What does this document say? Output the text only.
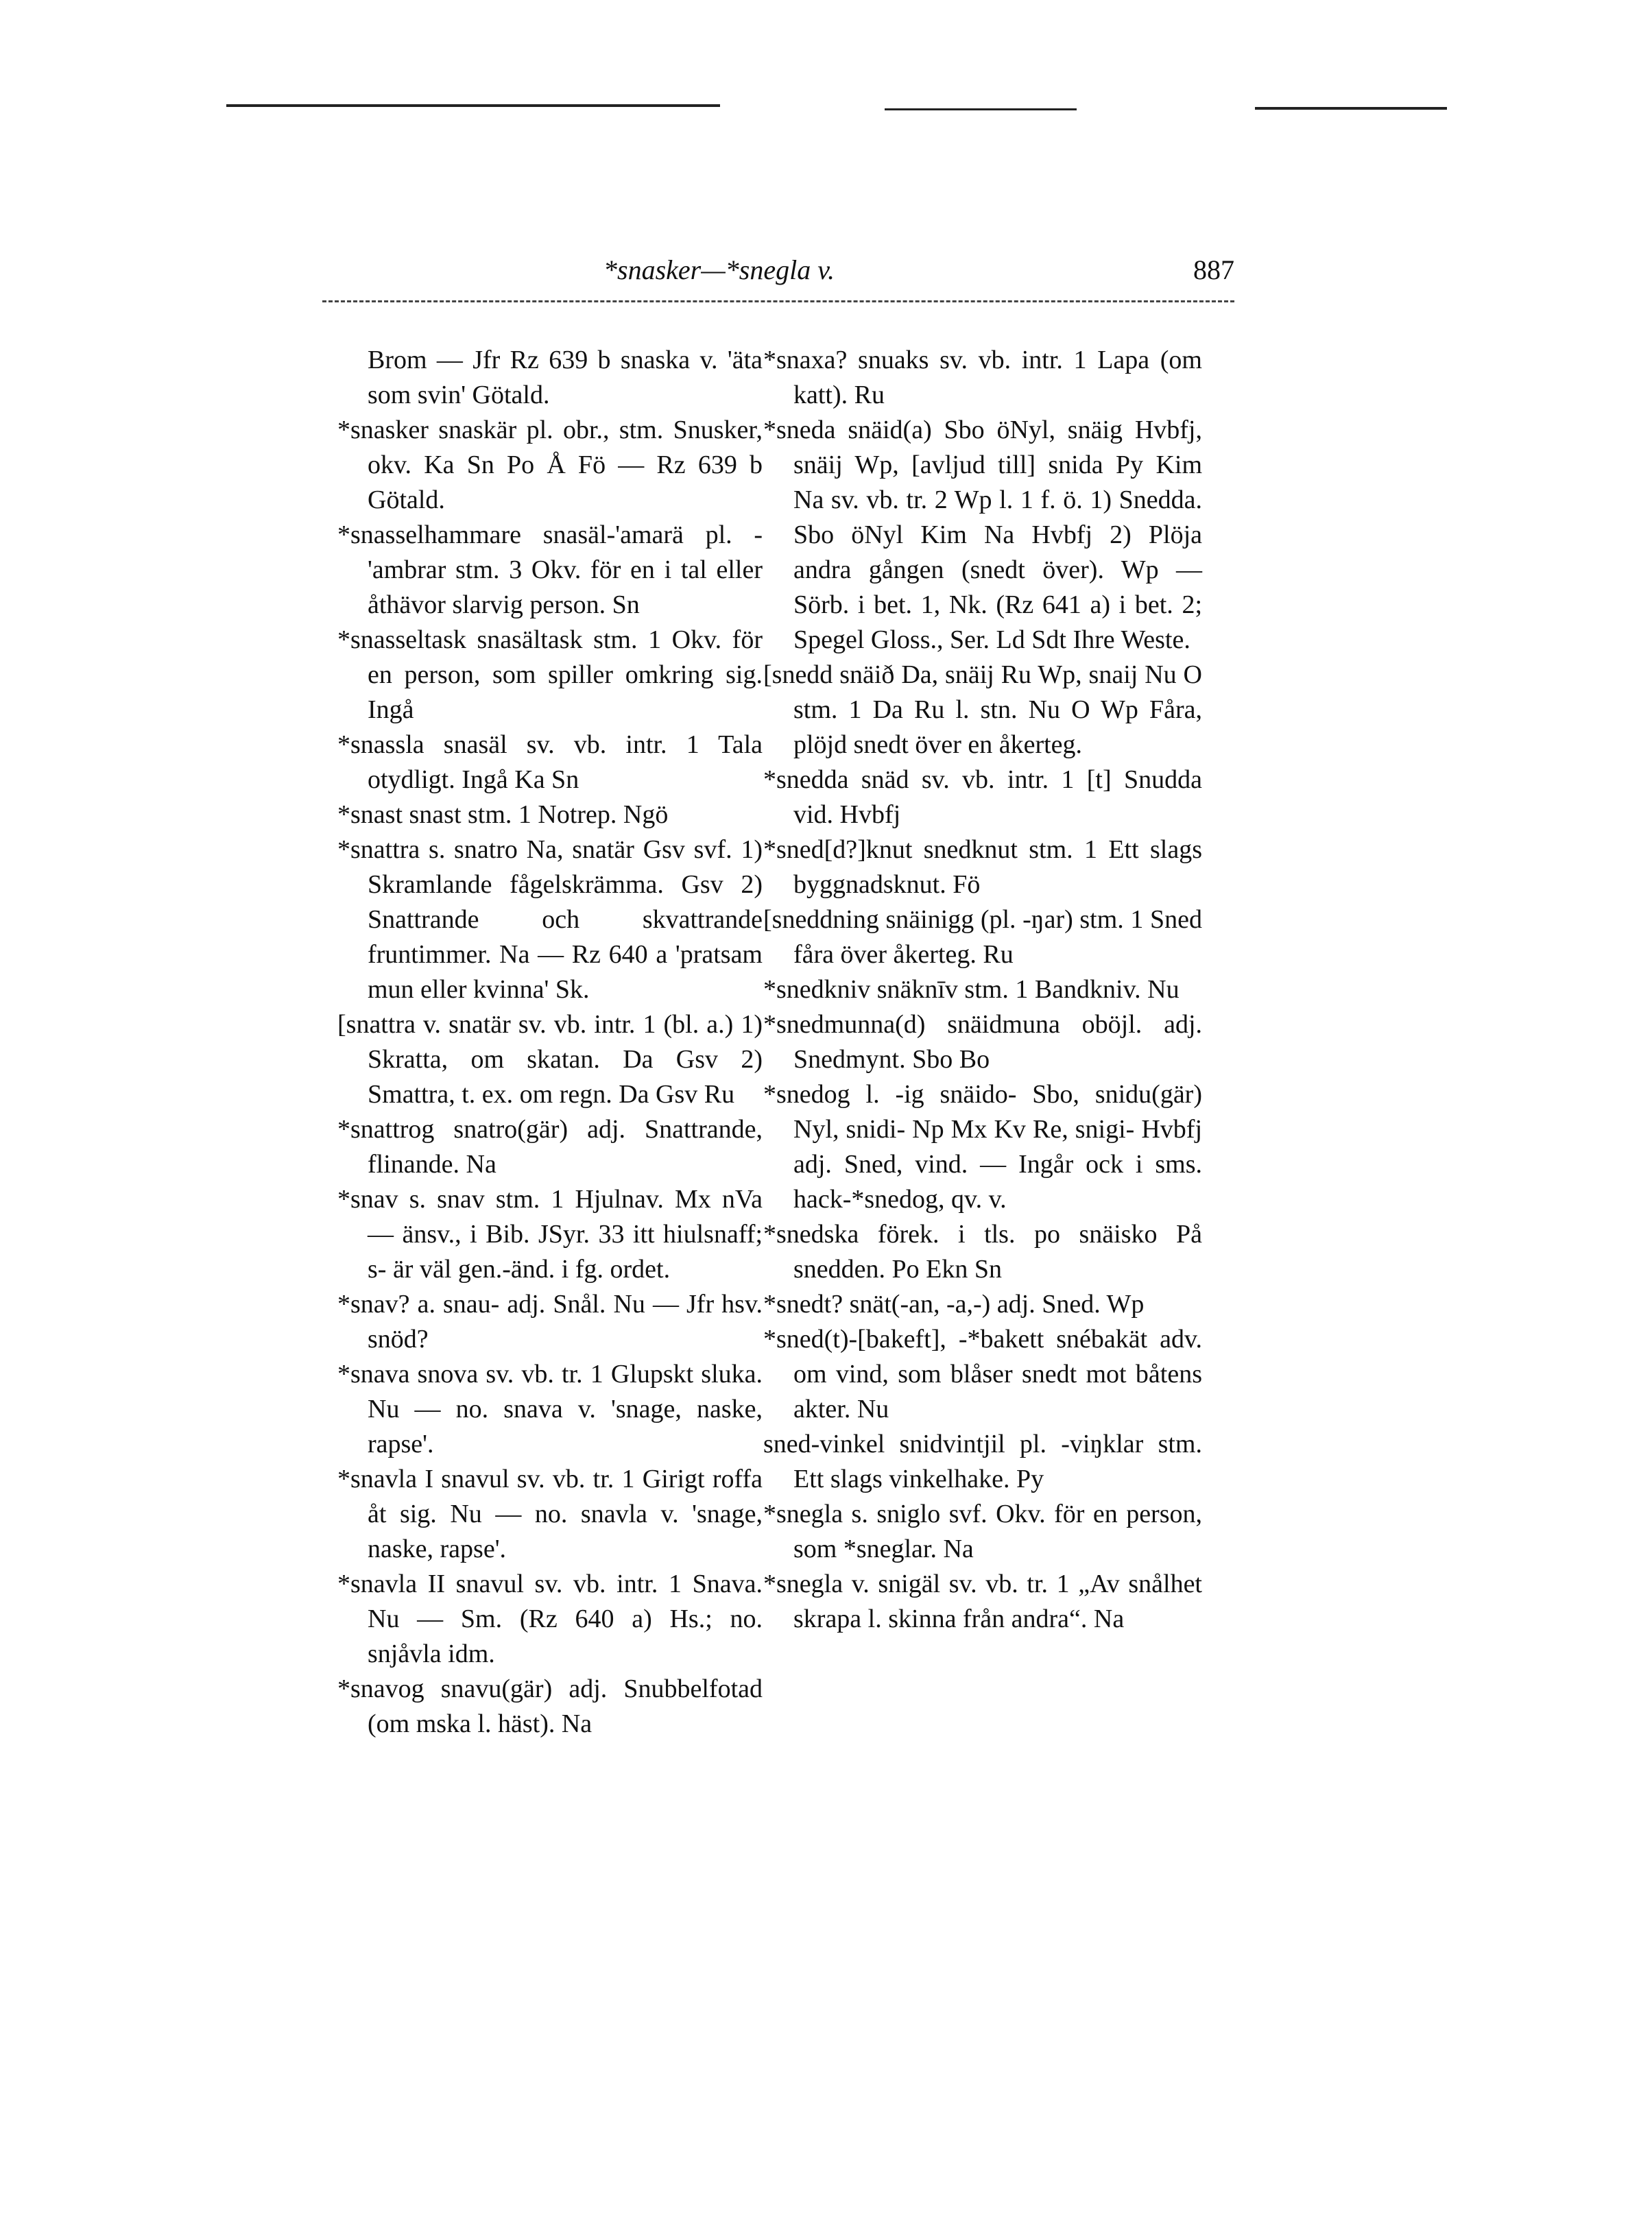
*snasker—*snegla v.	887

Brom — Jfr Rz 639 b snaska v. 'äta som svin' Götald.

*snasker snaskär pl. obr., stm. Snusker, okv. Ka Sn Po Å Fö — Rz 639 b Götald.

*snasselhammare snasäl-'amarä pl. -'ambrar stm. 3 Okv. för en i tal eller åthävor slarvig person. Sn

*snasseltask snasältask stm. 1 Okv. för en person, som spiller omkring sig. Ingå

*snassla snasäl sv. vb. intr. 1 Tala otydligt. Ingå Ka Sn

*snast snast stm. 1 Notrep. Ngö

*snattra s. snatro Na, snatär Gsv svf. 1) Skramlande fågelskrämma. Gsv 2) Snattrande och skvattrande fruntimmer. Na — Rz 640 a 'pratsam mun eller kvinna' Sk.

[snattra v. snatär sv. vb. intr. 1 (bl. a.) 1) Skratta, om skatan. Da Gsv 2) Smattra, t. ex. om regn. Da Gsv Ru

*snattrog snatro(gär) adj. Snattrande, flinande. Na

*snav s. snav stm. 1 Hjulnav. Mx nVa — änsv., i Bib. JSyr. 33 itt hiulsnaff; s- är väl gen.-änd. i fg. ordet.

*snav? a. snau- adj. Snål. Nu — Jfr hsv. snöd?

*snava snova sv. vb. tr. 1 Glupskt sluka. Nu — no. snava v. 'snage, naske, rapse'.

*snavla I snavul sv. vb. tr. 1 Girigt roffa åt sig. Nu — no. snavla v. 'snage, naske, rapse'.

*snavla II snavul sv. vb. intr. 1 Snava. Nu — Sm. (Rz 640 a) Hs.; no. snjåvla idm.

*snavog snavu(gär) adj. Snubbelfotad (om mska l. häst). Na

*snaxa? snuaks sv. vb. intr. 1 Lapa (om katt). Ru

*sneda snäid(a) Sbo öNyl, snäig Hvbfj, snäij Wp, [avljud till] snida Py Kim Na sv. vb. tr. 2 Wp l. 1 f. ö. 1) Snedda. Sbo öNyl Kim Na Hvbfj 2) Plöja andra gången (snedt över). Wp — Sörb. i bet. 1, Nk. (Rz 641 a) i bet. 2; Spegel Gloss., Ser. Ld Sdt Ihre Weste.

[snedd snäið Da, snäij Ru Wp, snaij Nu O stm. 1 Da Ru l. stn. Nu O Wp Fåra, plöjd snedt över en åkerteg.

*snedda snäd sv. vb. intr. 1 [t] Snudda vid. Hvbfj

*sned[d?]knut snedknut stm. 1 Ett slags byggnadsknut. Fö

[sneddning snäinigg (pl. -ŋar) stm. 1 Sned fåra över åkerteg. Ru

*snedkniv snäknīv stm. 1 Bandkniv. Nu

*snedmunna(d) snäidmuna oböjl. adj. Snedmynt. Sbo Bo

*snedog l. -ig snäido- Sbo, snidu(gär) Nyl, snidi- Np Mx Kv Re, snigi- Hvbfj adj. Sned, vind. — Ingår ock i sms. hack-*snedog, qv. v.

*snedska förek. i tls. po snäisko På snedden. Po Ekn Sn

*snedt? snät(-an, -a,-) adj. Sned. Wp

*sned(t)-[bakeft], -*bakett snébakät adv. om vind, som blåser snedt mot båtens akter. Nu

sned-vinkel snidvintjil pl. -viŋklar stm. Ett slags vinkelhake. Py

*snegla s. sniglo svf. Okv. för en person, som *sneglar. Na

*snegla v. snigäl sv. vb. tr. 1 „Av snålhet skrapa l. skinna från andra“. Na
